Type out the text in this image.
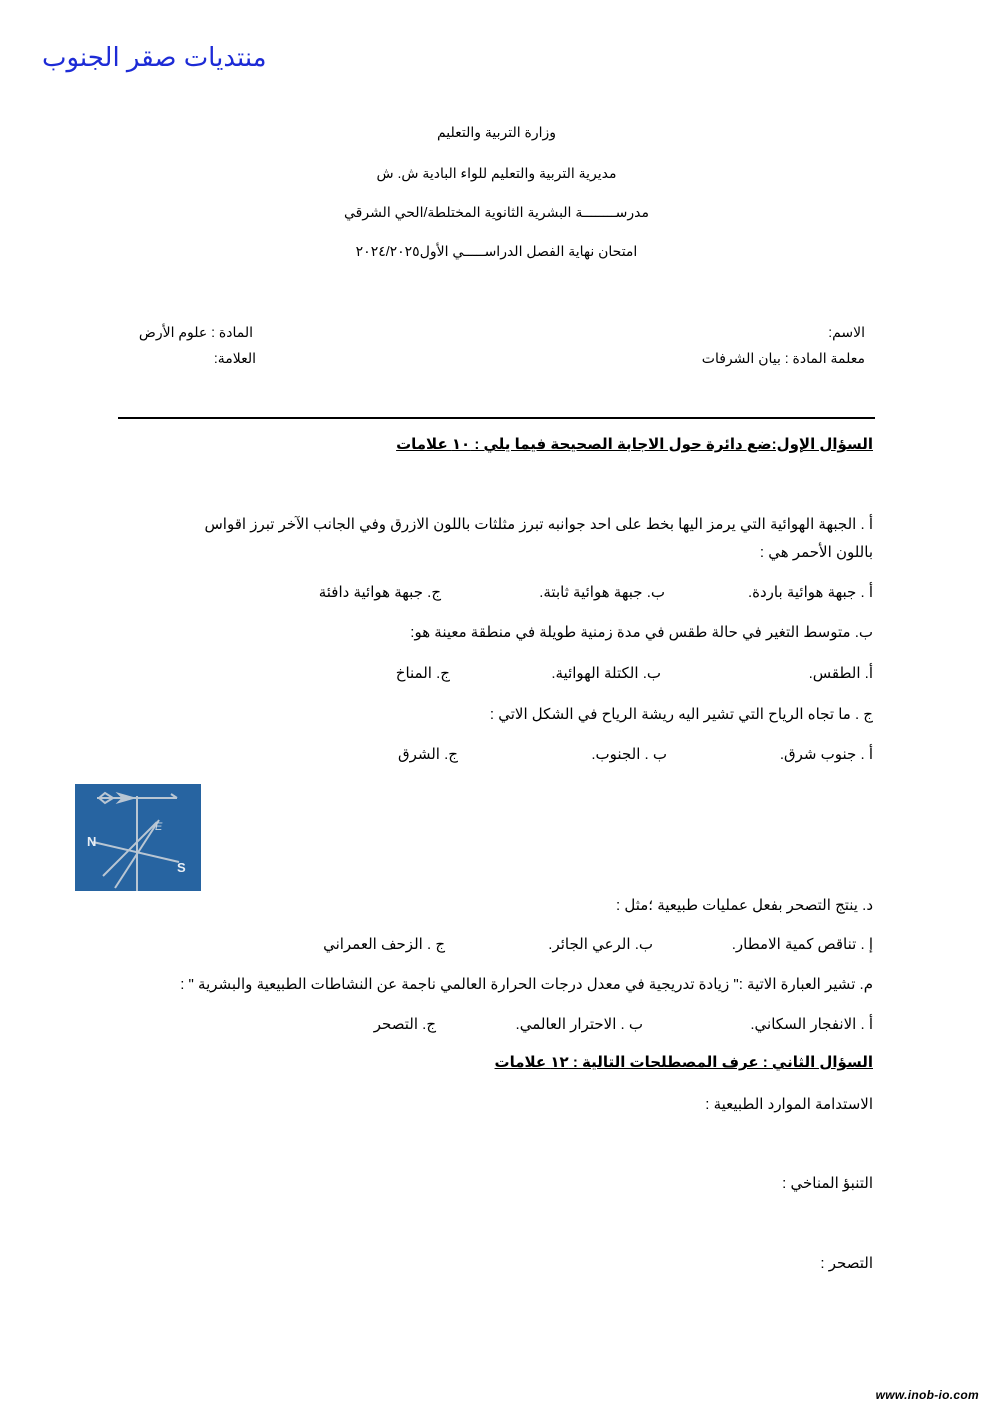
منتديات صقر الجنوب
وزارة التربية والتعليم
مديرية التربية والتعليم للواء البادية ش. ش
مدرســــــــة البشرية الثانوية المختلطة/الحي الشرقي
امتحان نهاية الفصل الدراســـــي الأول٢٠٢٤/٢٠٢٥
الاسم:
معلمة المادة : بيان الشرفات
المادة : علوم الأرض
العلامة:
السؤال الإول:ضع دائرة حول الاجابة الصحيحة فيما يلي : ١٠ علامات
أ . الجبهة الهوائية التي يرمز اليها بخط على احد جوانبه تبرز مثلثات باللون الازرق وفي الجانب الآخر تبرز اقواس
باللون الأحمر هي :
أ . جبهة هوائية باردة.
ب. جبهة هوائية ثابتة.
ج. جبهة هوائية دافئة
ب. متوسط التغير في حالة طقس في مدة زمنية طويلة في منطقة معينة هو:
أ. الطقس.
ب. الكتلة الهوائية.
ج. المناخ
ج . ما تجاه الرياح التي تشير اليه ريشة الرياح في الشكل الاتي :
أ . جنوب شرق.
ب . الجنوب.
ج. الشرق
N
S
E
د. ينتج التصحر بفعل عمليات طبيعية ؛مثل :
إ . تناقص كمية الامطار.
ب. الرعي الجائر.
ج . الزحف العمراني
م. تشير العبارة الاتية :" زيادة تدريجية في معدل درجات الحرارة العالمي ناجمة عن النشاطات الطبيعية والبشرية " :
أ . الانفجار السكاني.
ب . الاحترار العالمي.
ج. التصحر
السؤال الثاني : عرف المصطلحات التالية : ١٢ علامات
الاستدامة الموارد الطبيعية :
التنبؤ المناخي :
التصحر :
www.inob-io.com
